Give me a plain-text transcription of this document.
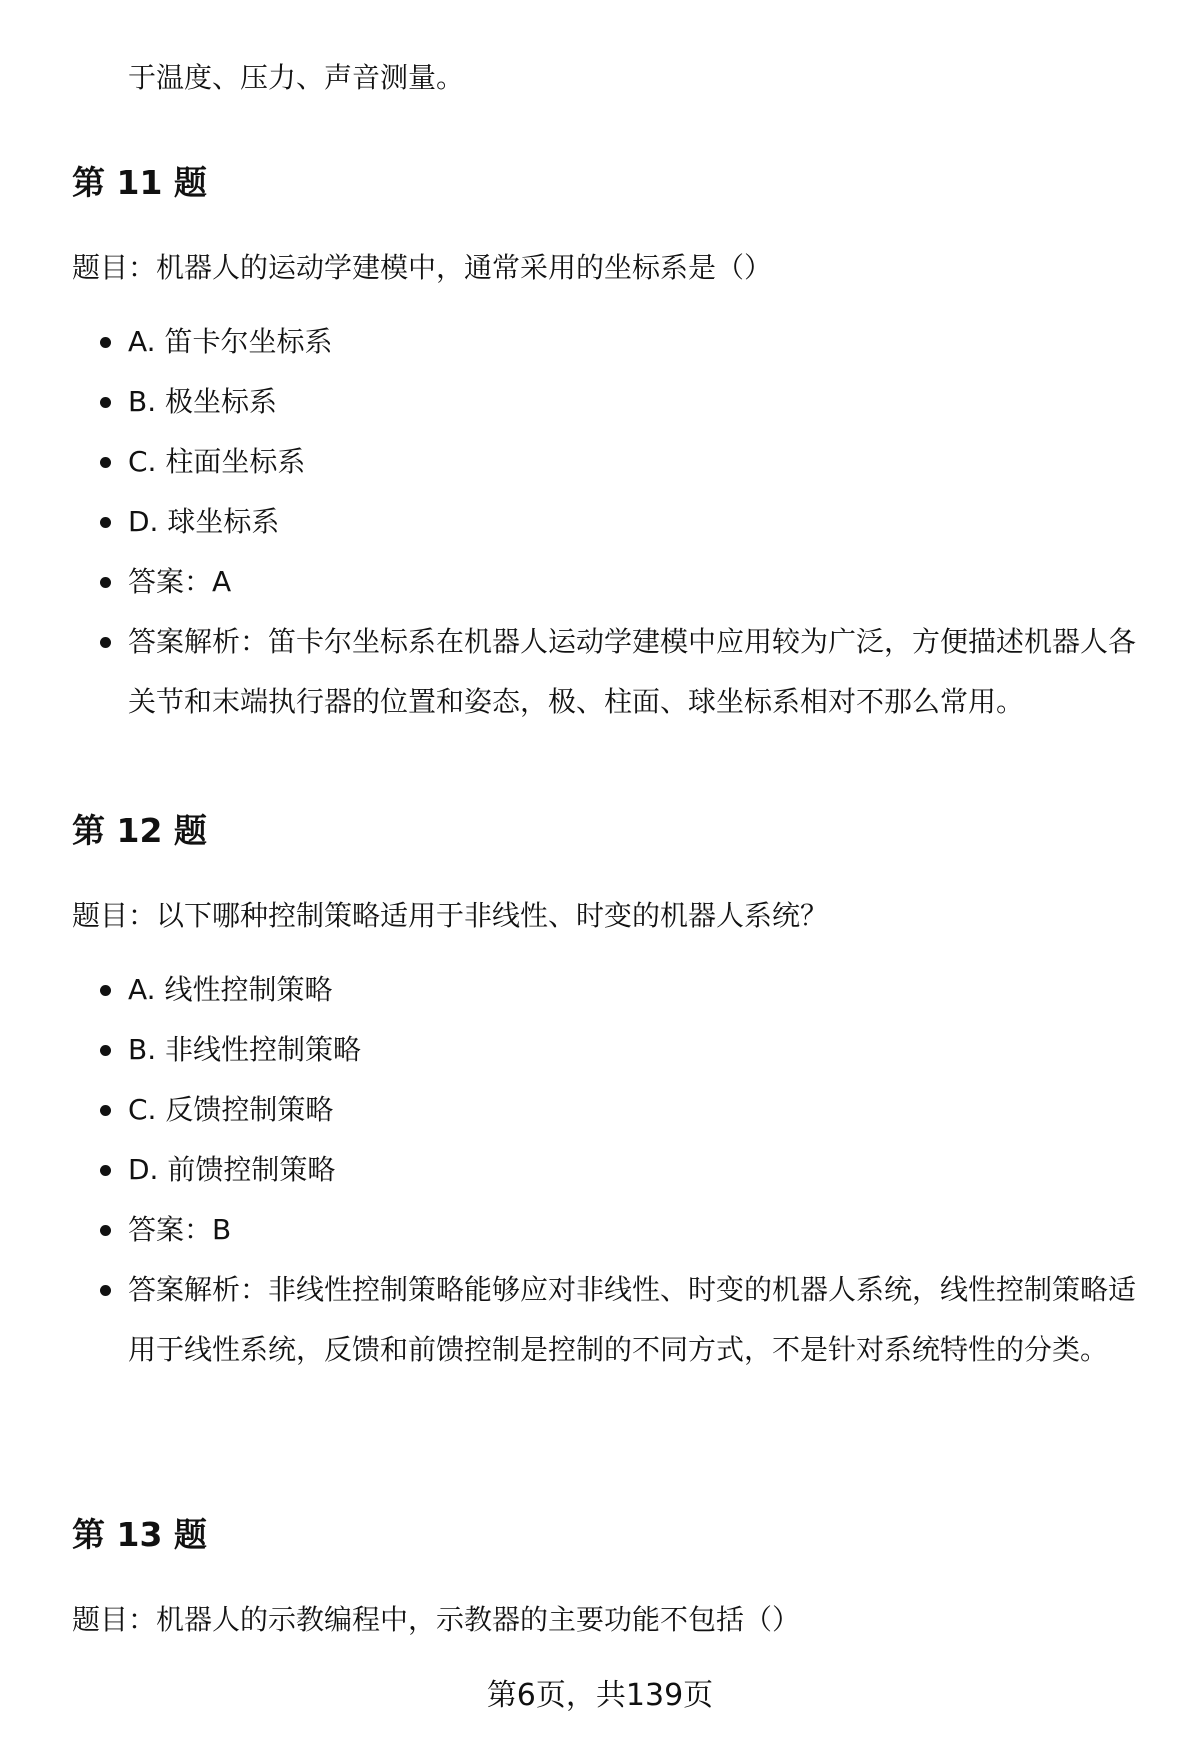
于温度、压力、声音测量。

第 11 题

题目：机器人的运动学建模中，通常采用的坐标系是（）

A. 笛卡尔坐标系
B. 极坐标系
C. 柱面坐标系
D. 球坐标系
答案：A
答案解析：笛卡尔坐标系在机器人运动学建模中应用较为广泛，方便描述机器人各关节和末端执行器的位置和姿态，极、柱面、球坐标系相对不那么常用。
第 12 题

题目：以下哪种控制策略适用于非线性、时变的机器人系统？

A. 线性控制策略
B. 非线性控制策略
C. 反馈控制策略
D. 前馈控制策略
答案：B
答案解析：非线性控制策略能够应对非线性、时变的机器人系统，线性控制策略适用于线性系统，反馈和前馈控制是控制的不同方式，不是针对系统特性的分类。
第 13 题

题目：机器人的示教编程中，示教器的主要功能不包括（）

第6页，共139页
